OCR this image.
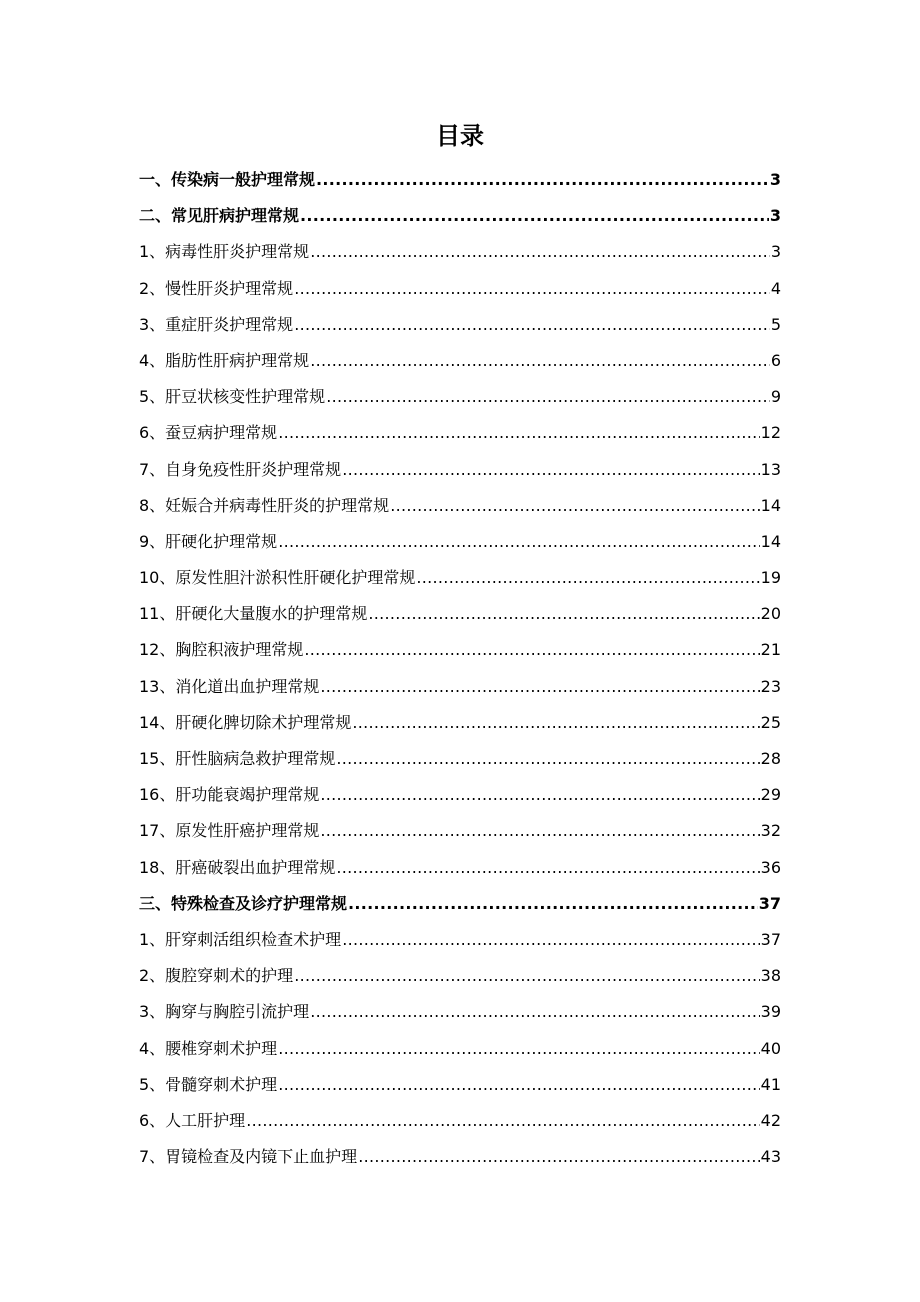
目录
一、传染病一般护理常规 .....	3
二、常见肝病护理常规 .....	3
1、病毒性肝炎护理常规 .....	3
2、慢性肝炎护理常规 .....	4
3、重症肝炎护理常规 .....	5
4、脂肪性肝病护理常规 .....	6
5、肝豆状核变性护理常规 .....	9
6、蚕豆病护理常规 .....	12
7、自身免疫性肝炎护理常规 .....	13
8、妊娠合并病毒性肝炎的护理常规 .....	14
9、肝硬化护理常规 .....	14
10、原发性胆汁淤积性肝硬化护理常规 .....	19
11、肝硬化大量腹水的护理常规 .....	20
12、胸腔积液护理常规 .....	21
13、消化道出血护理常规 .....	23
14、肝硬化脾切除术护理常规 .....	25
15、肝性脑病急救护理常规 .....	28
16、肝功能衰竭护理常规 .....	29
17、原发性肝癌护理常规 .....	32
18、肝癌破裂出血护理常规 .....	36
三、特殊检查及诊疗护理常规 .....	37
1、肝穿刺活组织检查术护理 .....	37
2、腹腔穿刺术的护理 .....	38
3、胸穿与胸腔引流护理 .....	39
4、腰椎穿刺术护理 .....	40
5、骨髓穿刺术护理 .....	41
6、人工肝护理 .....	42
7、胃镜检查及内镜下止血护理 .....	43
